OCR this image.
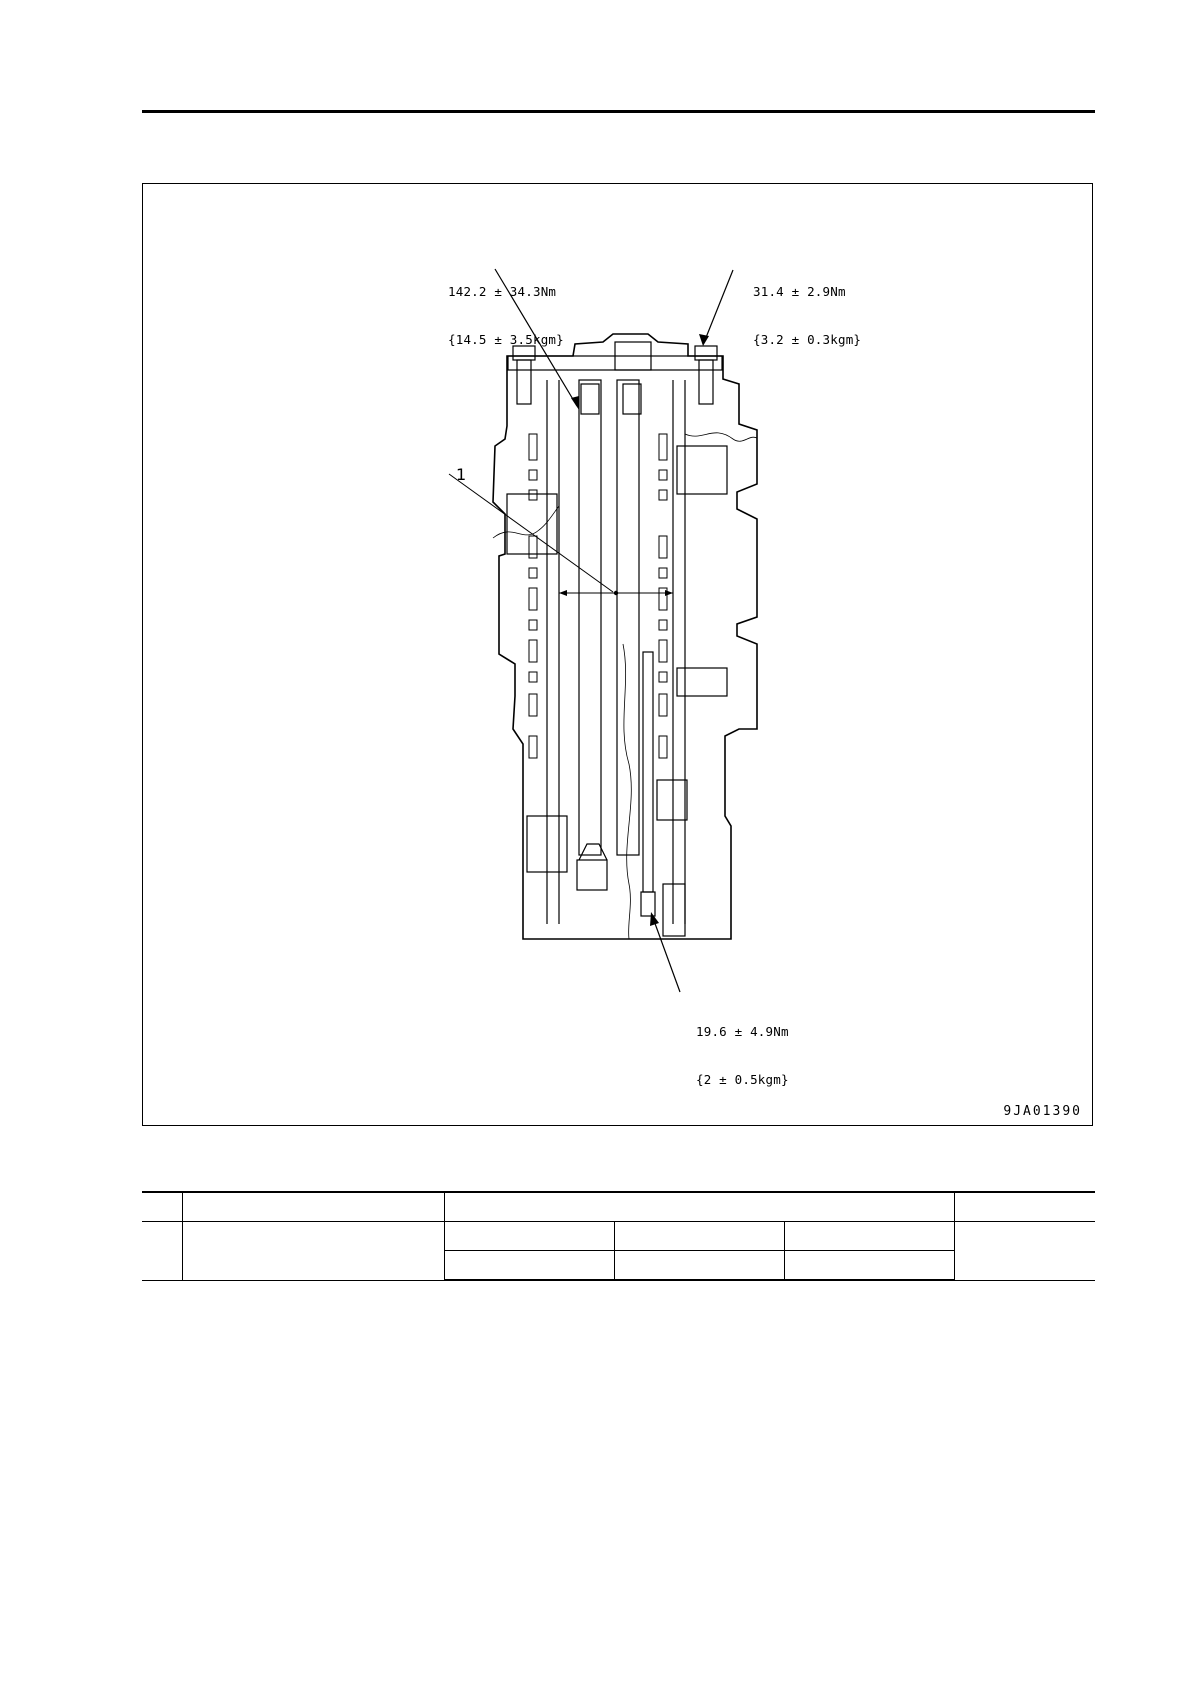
142.2 ± 34.3Nm

{14.5 ± 3.5kgm}

31.4 ± 2.9Nm

{3.2 ± 0.3kgm}

1

19.6 ± 4.9Nm

{2 ± 0.5kgm}

9JA01390
